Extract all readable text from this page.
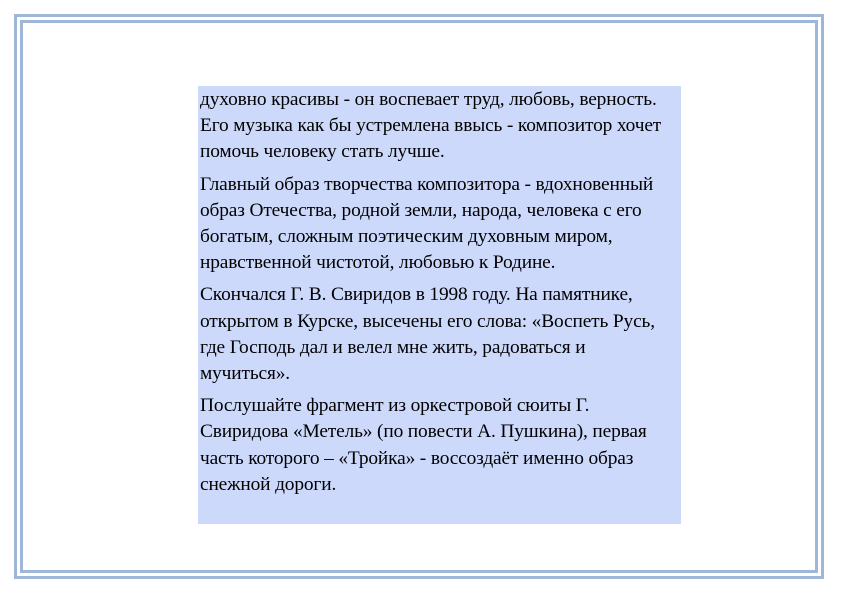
духовно красивы - он воспевает труд, любовь, верность. Его музыка как бы устремлена ввысь - композитор хочет помочь человеку стать лучше.

Главный образ творчества композитора - вдохновенный образ Отечества, родной земли, народа, человека с его богатым, сложным поэтическим духовным миром, нравственной чистотой, любовью к Родине.

Скончался Г. В. Свиридов в 1998 году. На памятнике, открытом в Курске, высечены его слова: «Воспеть Русь, где Господь дал и велел мне жить, радоваться и мучиться».

Послушайте фрагмент из оркестровой сюиты Г. Свиридова «Метель» (по повести А. Пушкина), первая часть которого – «Тройка» - воссоздаёт именно образ снежной дороги.
